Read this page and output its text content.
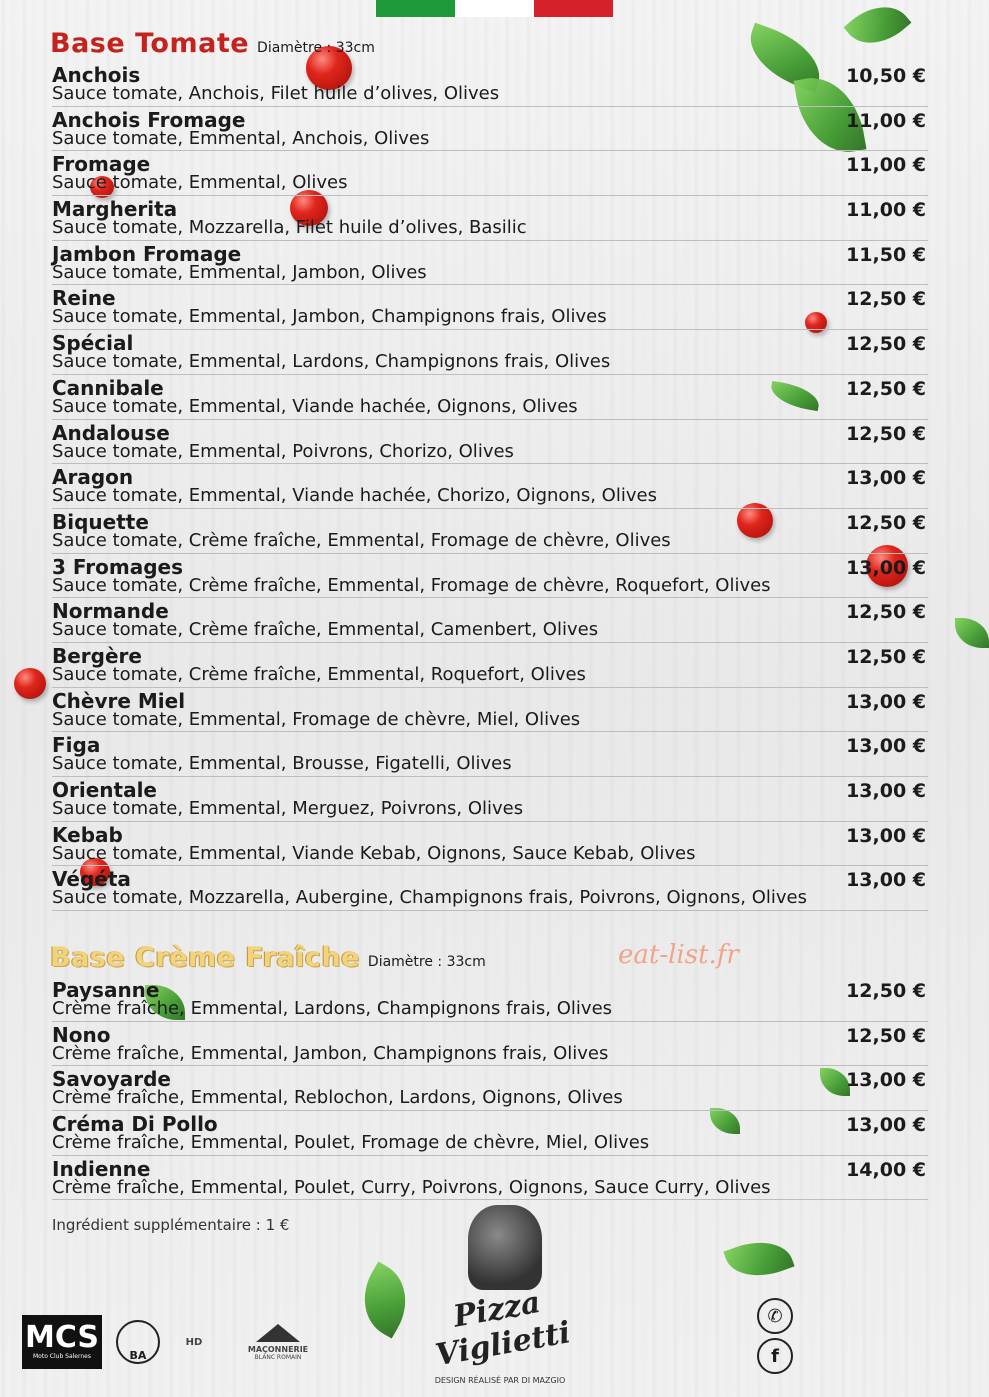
Base Tomate Diamètre : 33cm
Anchois
Sauce tomate, Anchois, Filet huile d’olives, Olives
10,50 €
Anchois Fromage
Sauce tomate, Emmental, Anchois, Olives
11,00 €
Fromage
Sauce tomate, Emmental, Olives
11,00 €
Margherita
Sauce tomate, Mozzarella, Filet huile d’olives, Basilic
11,00 €
Jambon Fromage
Sauce tomate, Emmental, Jambon, Olives
11,50 €
Reine
Sauce tomate, Emmental, Jambon, Champignons frais, Olives
12,50 €
Spécial
Sauce tomate, Emmental, Lardons, Champignons frais, Olives
12,50 €
Cannibale
Sauce tomate, Emmental, Viande hachée, Oignons, Olives
12,50 €
Andalouse
Sauce tomate, Emmental, Poivrons, Chorizo, Olives
12,50 €
Aragon
Sauce tomate, Emmental, Viande hachée, Chorizo, Oignons, Olives
13,00 €
Biquette
Sauce tomate, Crème fraîche, Emmental, Fromage de chèvre, Olives
12,50 €
3 Fromages
Sauce tomate, Crème fraîche, Emmental, Fromage de chèvre, Roquefort, Olives
13,00 €
Normande
Sauce tomate, Crème fraîche, Emmental, Camenbert, Olives
12,50 €
Bergère
Sauce tomate, Crème fraîche, Emmental, Roquefort, Olives
12,50 €
Chèvre Miel
Sauce tomate, Emmental, Fromage de chèvre, Miel, Olives
13,00 €
Figa
Sauce tomate, Emmental, Brousse, Figatelli, Olives
13,00 €
Orientale
Sauce tomate, Emmental, Merguez, Poivrons, Olives
13,00 €
Kebab
Sauce tomate, Emmental, Viande Kebab, Oignons, Sauce Kebab, Olives
13,00 €
Végéta
Sauce tomate, Mozzarella, Aubergine, Champignons frais, Poivrons, Oignons, Olives
13,00 €
Base Crème Fraîche Diamètre : 33cm	eat-list.fr
Paysanne
Crème fraîche, Emmental, Lardons, Champignons frais, Olives
12,50 €
Nono
Crème fraîche, Emmental, Jambon, Champignons frais, Olives
12,50 €
Savoyarde
Crème fraîche, Emmental, Reblochon, Lardons, Oignons, Olives
13,00 €
Créma Di Pollo
Crème fraîche, Emmental, Poulet, Fromage de chèvre, Miel, Olives
13,00 €
Indienne
Crème fraîche, Emmental, Poulet, Curry, Poivrons, Oignons, Sauce Curry, Olives
14,00 €
Ingrédient supplémentaire : 1 €
MCS
Moto Club Salernes	BA
HD
MAÇONNERIE
BLANC ROMAIN
Pizza Viglietti
DESIGN RÉALISÉ PAR DI MAZGIO
✆
f
